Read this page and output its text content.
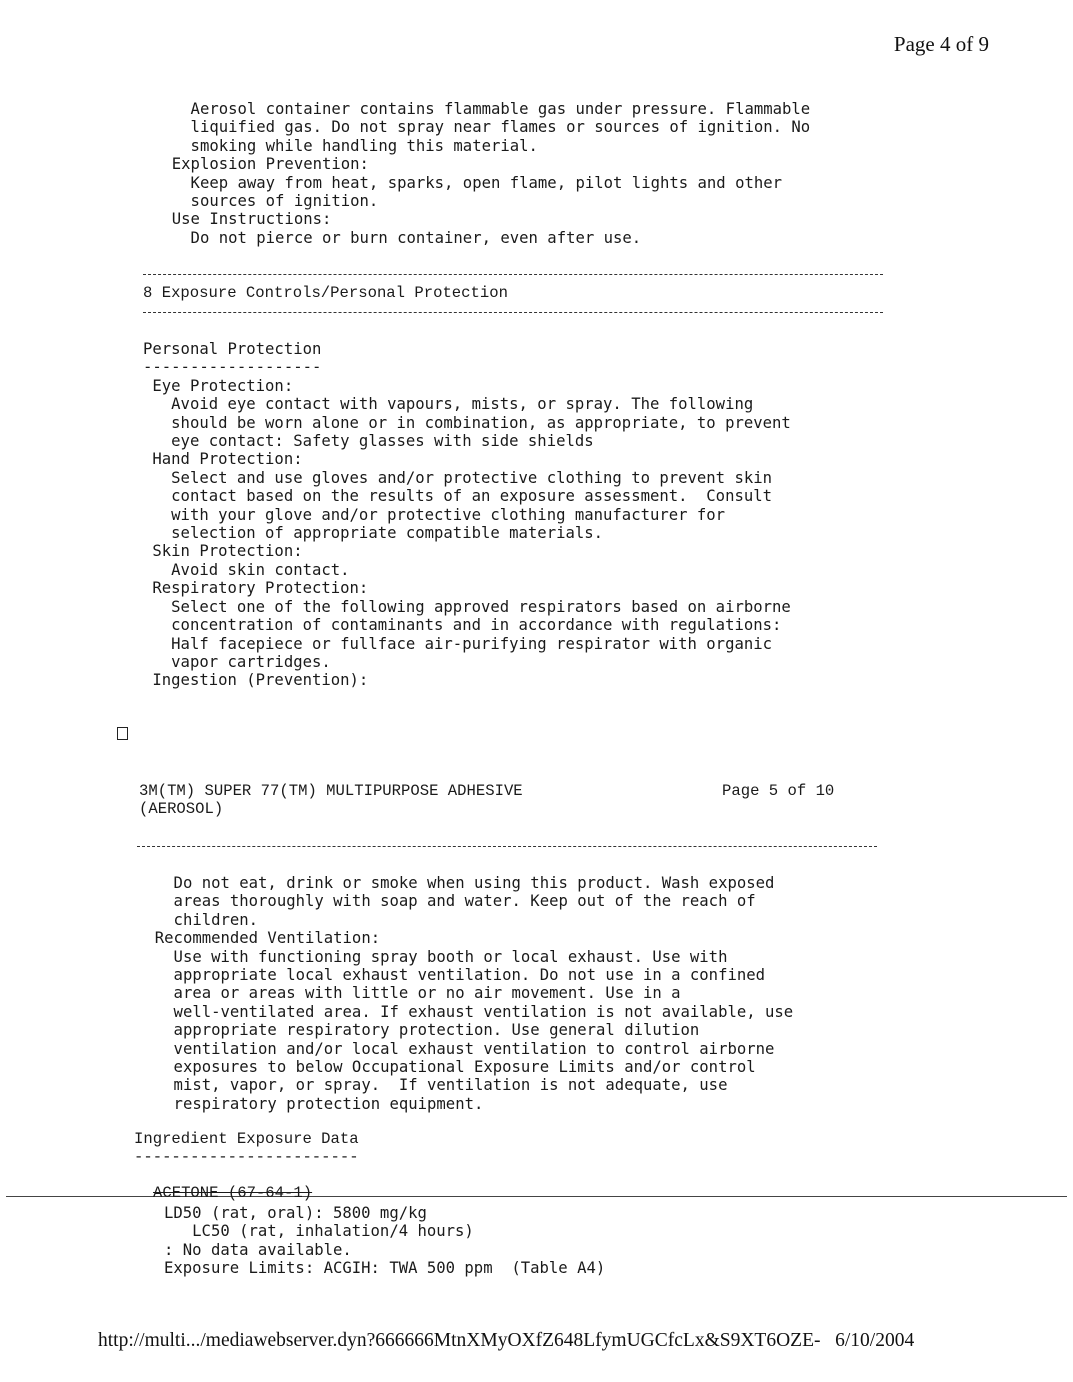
Page 4 of 9
Aerosol container contains flammable gas under pressure. Flammable
liquified gas. Do not spray near flames or sources of ignition. No
smoking while handling this material.
Explosion Prevention:
Keep away from heat, sparks, open flame, pilot lights and other
sources of ignition.
Use Instructions:
Do not pierce or burn container, even after use.
8 Exposure Controls/Personal Protection
Personal Protection
-------------------
Eye Protection:
Avoid eye contact with vapours, mists, or spray. The following
should be worn alone or in combination, as appropriate, to prevent
eye contact: Safety glasses with side shields
Hand Protection:
Select and use gloves and/or protective clothing to prevent skin
contact based on the results of an exposure assessment.  Consult
with your glove and/or protective clothing manufacturer for
selection of appropriate compatible materials.
Skin Protection:
Avoid skin contact.
Respiratory Protection:
Select one of the following approved respirators based on airborne
concentration of contaminants and in accordance with regulations:
Half facepiece or fullface air-purifying respirator with organic
vapor cartridges.
Ingestion (Prevention):
3M(TM) SUPER 77(TM) MULTIPURPOSE ADHESIVE
(AEROSOL)
Page 5 of 10
Do not eat, drink or smoke when using this product. Wash exposed
areas thoroughly with soap and water. Keep out of the reach of
children.
Recommended Ventilation:
Use with functioning spray booth or local exhaust. Use with
appropriate local exhaust ventilation. Do not use in a confined
area or areas with little or no air movement. Use in a
well-ventilated area. If exhaust ventilation is not available, use
appropriate respiratory protection. Use general dilution
ventilation and/or local exhaust ventilation to control airborne
exposures to below Occupational Exposure Limits and/or control
mist, vapor, or spray.  If ventilation is not adequate, use
respiratory protection equipment.
Ingredient Exposure Data
------------------------
ACETONE (67-64-1)
LD50 (rat, oral): 5800 mg/kg
LC50 (rat, inhalation/4 hours)
: No data available.
Exposure Limits: ACGIH: TWA 500 ppm  (Table A4)
http://multi.../mediawebserver.dyn?666666MtnXMyOXfZ648LfymUGCfcLx&S9XT6OZE- 6/10/2004
